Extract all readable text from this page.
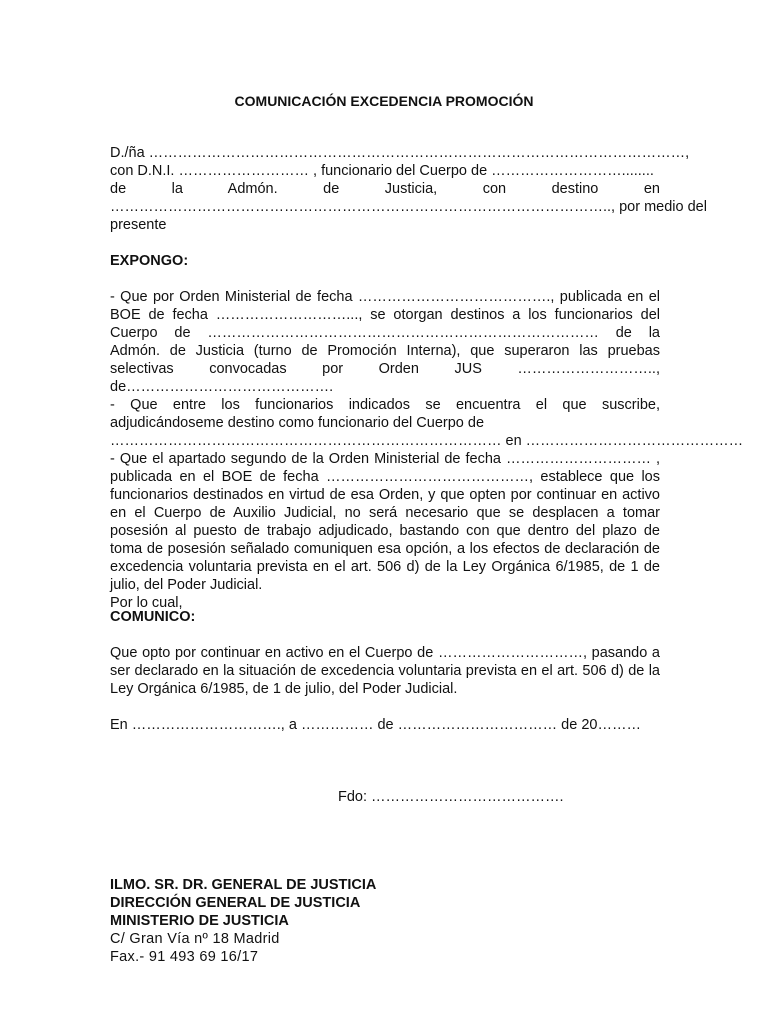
COMUNICACIÓN EXCEDENCIA PROMOCIÓN
D./ña …………………………………………………………………………………………………,
con D.N.I. ……………………… , funcionario del Cuerpo de ………………………........
de la Admón. de Justicia, con destino en
………………………………………………………………………………………….., por medio del
presente
EXPONGO:
- Que por Orden Ministerial de fecha …………………………………., publicada en el BOE de fecha ………………………..., se otorgan destinos a los funcionarios del Cuerpo de ……………………………………………………………………… de la Admón. de Justicia (turno de Promoción Interna), que superaron las pruebas selectivas convocadas por Orden JUS ……………………….., de…………………………………….
- Que entre los funcionarios indicados se encuentra el que suscribe, adjudicándoseme destino como funcionario del Cuerpo de
……………………………………………………………………… en ………………………………………
- Que el apartado segundo de la Orden Ministerial de fecha ………………………… , publicada en el BOE de fecha ……………………………………, establece que los funcionarios destinados en virtud de esa Orden, y que opten por continuar en activo en el Cuerpo de Auxilio Judicial, no será necesario que se desplacen a tomar posesión al puesto de trabajo adjudicado, bastando con que dentro del plazo de toma de posesión señalado comuniquen esa opción, a los efectos de declaración de excedencia voluntaria prevista en el art. 506 d) de la Ley Orgánica 6/1985, de 1 de julio, del Poder Judicial.
Por lo cual,
COMUNICO:
Que opto por continuar en activo en el Cuerpo de …………………………, pasando a ser declarado en la situación de excedencia voluntaria prevista en el art. 506 d) de la Ley Orgánica 6/1985, de 1 de julio, del Poder Judicial.
En …………………………., a …………… de …………………………… de 20………
Fdo: ………………………………….
ILMO. SR. DR. GENERAL DE JUSTICIA
DIRECCIÓN GENERAL DE JUSTICIA
MINISTERIO DE JUSTICIA
C/ Gran Vía nº 18 Madrid
Fax.- 91 493 69 16/17
